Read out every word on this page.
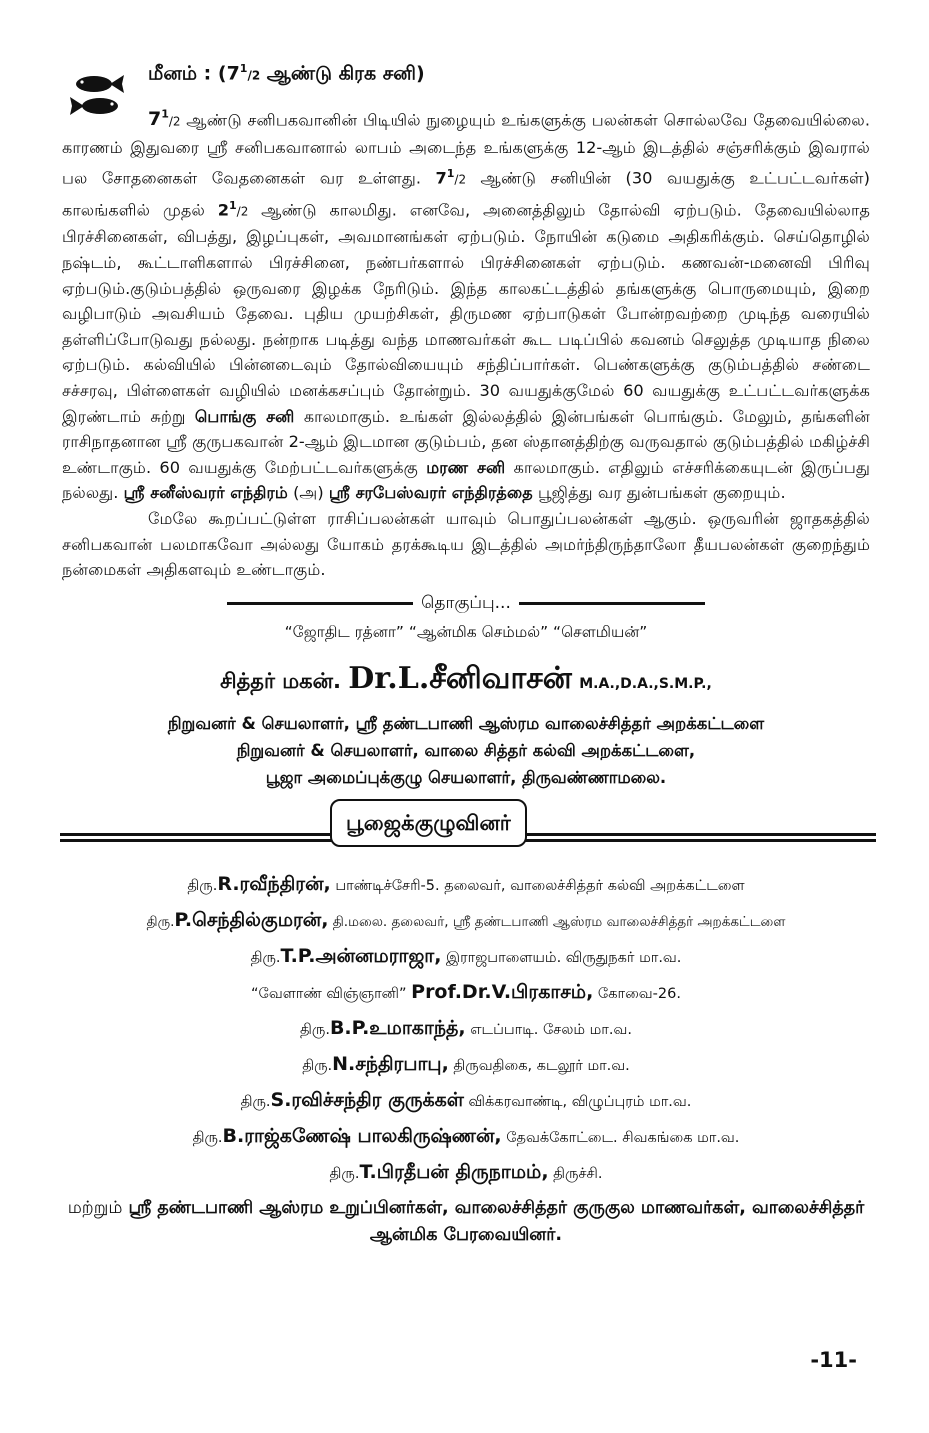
மீனம் : ($7^1/2$ ஆண்டு கிரக சனி)

$7^1/2$ ஆண்டு சனிபகவானின் பிடியில் நுழையும் உங்களுக்கு பலன்கள் சொல்லவே தேவையில்லை. காரணம் இதுவரை ஸ்ரீ சனிபகவானால் லாபம் அடைந்த உங்களுக்கு 12-ஆம் இடத்தில் சஞ்சரிக்கும் இவரால் பல சோதனைகள் வேதனைகள் வர உள்ளது. $7^1/2$ ஆண்டு சனியின் (30 வயதுக்கு உட்பட்டவர்கள்) காலங்களில் முதல் $2^1/2$ ஆண்டு காலமிது. எனவே, அனைத்திலும் தோல்வி ஏற்படும். தேவையில்லாத பிரச்சினைகள், விபத்து, இழப்புகள், அவமானங்கள் ஏற்படும். நோயின் கடுமை அதிகரிக்கும். செய்தொழில் நஷ்டம், கூட்டாளிகளால் பிரச்சினை, நண்பர்களால் பிரச்சினைகள் ஏற்படும். கணவன்-மனைவி பிரிவு ஏற்படும்.குடும்பத்தில் ஒருவரை இழக்க நேரிடும். இந்த காலகட்டத்தில் தங்களுக்கு பொருமையும், இறை வழிபாடும் அவசியம் தேவை. புதிய முயற்சிகள், திருமண ஏற்பாடுகள் போன்றவற்றை முடிந்த வரையில் தள்ளிப்போடுவது நல்லது. நன்றாக படித்து வந்த மாணவர்கள் கூட படிப்பில் கவனம் செலுத்த முடியாத நிலை ஏற்படும். கல்வியில் பின்னடைவும் தோல்வியையும் சந்திப்பார்கள். பெண்களுக்கு குடும்பத்தில் சண்டை சச்சரவு, பிள்ளைகள் வழியில் மனக்கசப்பும் தோன்றும். 30 வயதுக்குமேல் 60 வயதுக்கு உட்பட்டவர்களுக்க இரண்டாம் சுற்று பொங்கு சனி காலமாகும். உங்கள் இல்லத்தில் இன்பங்கள் பொங்கும். மேலும், தங்களின் ராசிநாதனான ஸ்ரீ குருபகவான் 2-ஆம் இடமான குடும்பம், தன ஸ்தானத்திற்கு வருவதால் குடும்பத்தில் மகிழ்ச்சி உண்டாகும். 60 வயதுக்கு மேற்பட்டவர்களுக்கு மரண சனி காலமாகும். எதிலும் எச்சரிக்கையுடன் இருப்பது நல்லது. ஸ்ரீ சனீஸ்வரர் எந்திரம் (அ) ஸ்ரீ சரபேஸ்வரர் எந்திரத்தை பூஜித்து வர துன்பங்கள் குறையும்.

மேலே கூறப்பட்டுள்ள ராசிப்பலன்கள் யாவும் பொதுப்பலன்கள் ஆகும். ஒருவரின் ஜாதகத்தில் சனிபகவான் பலமாகவோ அல்லது யோகம் தரக்கூடிய இடத்தில் அமர்ந்திருந்தாலோ தீயபலன்கள் குறைந்தும் நன்மைகள் அதிகளவும் உண்டாகும்.

தொகுப்பு...
“ஜோதிட ரத்னா” “ஆன்மிக செம்மல்” “சௌமியன்”
சித்தர் மகன். Dr.L.சீனிவாசன் M.A.,D.A.,S.M.P.,
நிறுவனர் & செயலாளர், ஸ்ரீ தண்டபாணி ஆஸ்ரம வாலைச்சித்தர் அறக்கட்டளை
நிறுவனர் & செயலாளர், வாலை சித்தர் கல்வி அறக்கட்டளை,
பூஜா அமைப்புக்குழு செயலாளர், திருவண்ணாமலை.
பூஜைக்குழுவினர்
திரு.R.ரவீந்திரன், பாண்டிச்சேரி-5. தலைவர், வாலைச்சித்தர் கல்வி அறக்கட்டளை
திரு.P.செந்தில்குமரன், தி.மலை. தலைவர், ஸ்ரீ தண்டபாணி ஆஸ்ரம வாலைச்சித்தர் அறக்கட்டளை
திரு.T.P.அன்னமராஜா, இராஜபாளையம். விருதுநகர் மா.வ.
“வேளாண் விஞ்ஞானி” Prof.Dr.V.பிரகாசம், கோவை-26.
திரு.B.P.உமாகாந்த், எடப்பாடி. சேலம் மா.வ.
திரு.N.சந்திரபாபு, திருவதிகை, கடலூர் மா.வ.
திரு.S.ரவிச்சந்திர குருக்கள் விக்கரவாண்டி, விழுப்புரம் மா.வ.
திரு.B.ராஜ்கணேஷ் பாலகிருஷ்ணன், தேவக்கோட்டை. சிவகங்கை மா.வ.
திரு.T.பிரதீபன் திருநாமம், திருச்சி.
மற்றும் ஸ்ரீ தண்டபாணி ஆஸ்ரம உறுப்பினர்கள், வாலைச்சித்தர் குருகுல மாணவர்கள், வாலைச்சித்தர் ஆன்மிக பேரவையினர்.
-11-
